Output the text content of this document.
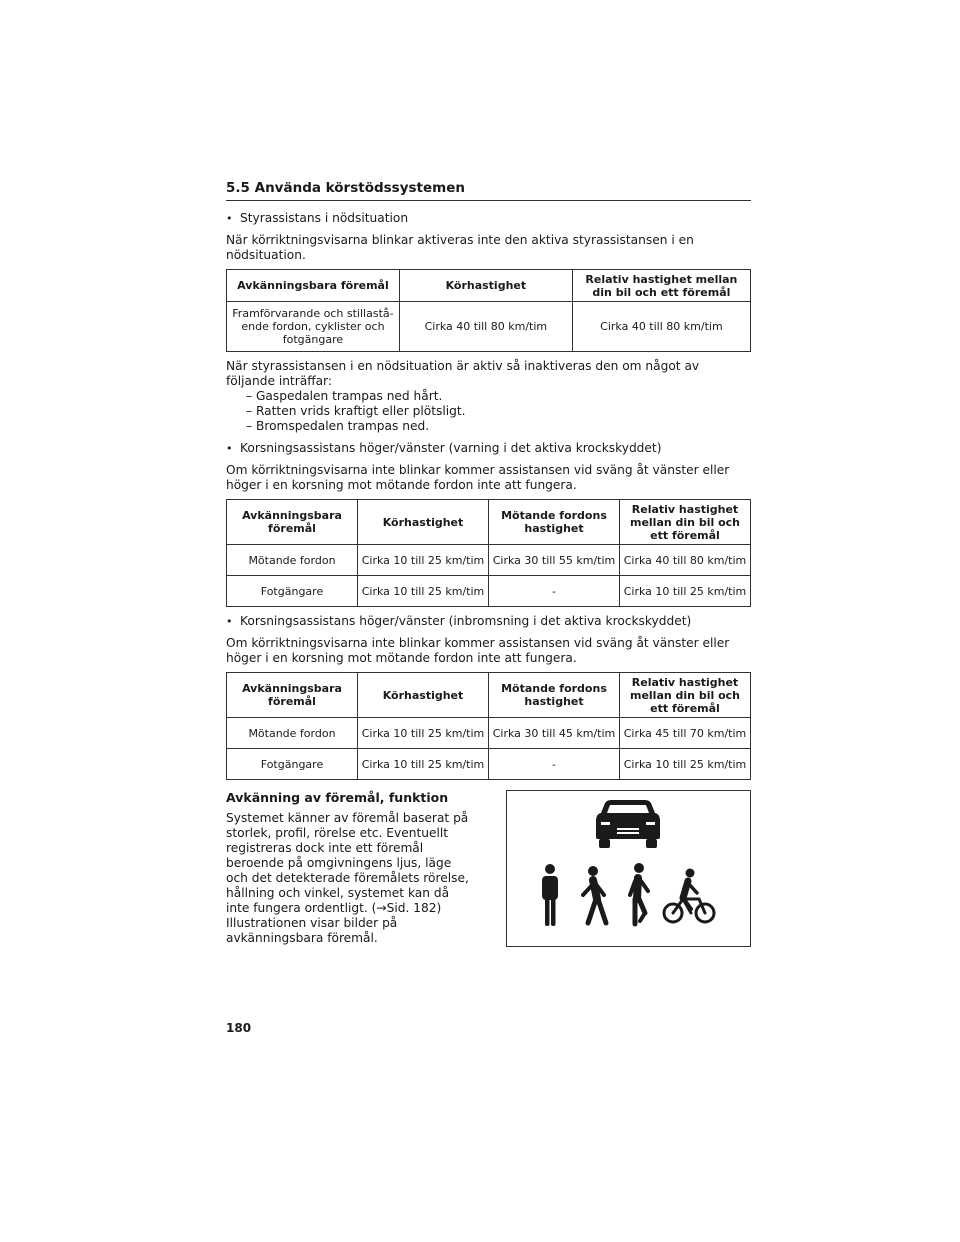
5.5 Använda körstödssystemen

• Styrassistans i nödsituation

När körriktningsvisarna blinkar aktiveras inte den aktiva styrassistansen i en nödsituation.

Avkänningsbara föremål	Körhastighet	Relativ hastighet mellan din bil och ett föremål
Framförvarande och stillastå-ende fordon, cyklister och fotgängare	Cirka 40 till 80 km/tim	Cirka 40 till 80 km/tim

När styrassistansen i en nödsituation är aktiv så inaktiveras den om något av följande inträffar:

– Gaspedalen trampas ned hårt.
– Ratten vrids kraftigt eller plötsligt.
– Bromspedalen trampas ned.

• Korsningsassistans höger/vänster (varning i det aktiva krockskyddet)

Om körriktningsvisarna inte blinkar kommer assistansen vid sväng åt vänster eller höger i en korsning mot mötande fordon inte att fungera.

Avkänningsbara föremål	Körhastighet	Mötande fordons hastighet	Relativ hastighet mellan din bil och ett föremål
Mötande fordon	Cirka 10 till 25 km/tim	Cirka 30 till 55 km/tim	Cirka 40 till 80 km/tim
Fotgängare	Cirka 10 till 25 km/tim	-	Cirka 10 till 25 km/tim

• Korsningsassistans höger/vänster (inbromsning i det aktiva krockskyddet)

Om körriktningsvisarna inte blinkar kommer assistansen vid sväng åt vänster eller höger i en korsning mot mötande fordon inte att fungera.

Avkänningsbara föremål	Körhastighet	Mötande fordons hastighet	Relativ hastighet mellan din bil och ett föremål
Mötande fordon	Cirka 10 till 25 km/tim	Cirka 30 till 45 km/tim	Cirka 45 till 70 km/tim
Fotgängare	Cirka 10 till 25 km/tim	-	Cirka 10 till 25 km/tim
Avkänning av föremål, funktion

Systemet känner av föremål baserat på storlek, profil, rörelse etc. Eventuellt registreras dock inte ett föremål beroende på omgivningens ljus, läge och det detekterade föremålets rörelse, hållning och vinkel, systemet kan då inte fungera ordentligt. (→Sid. 182) Illustrationen visar bilder på avkänningsbara föremål.

180
